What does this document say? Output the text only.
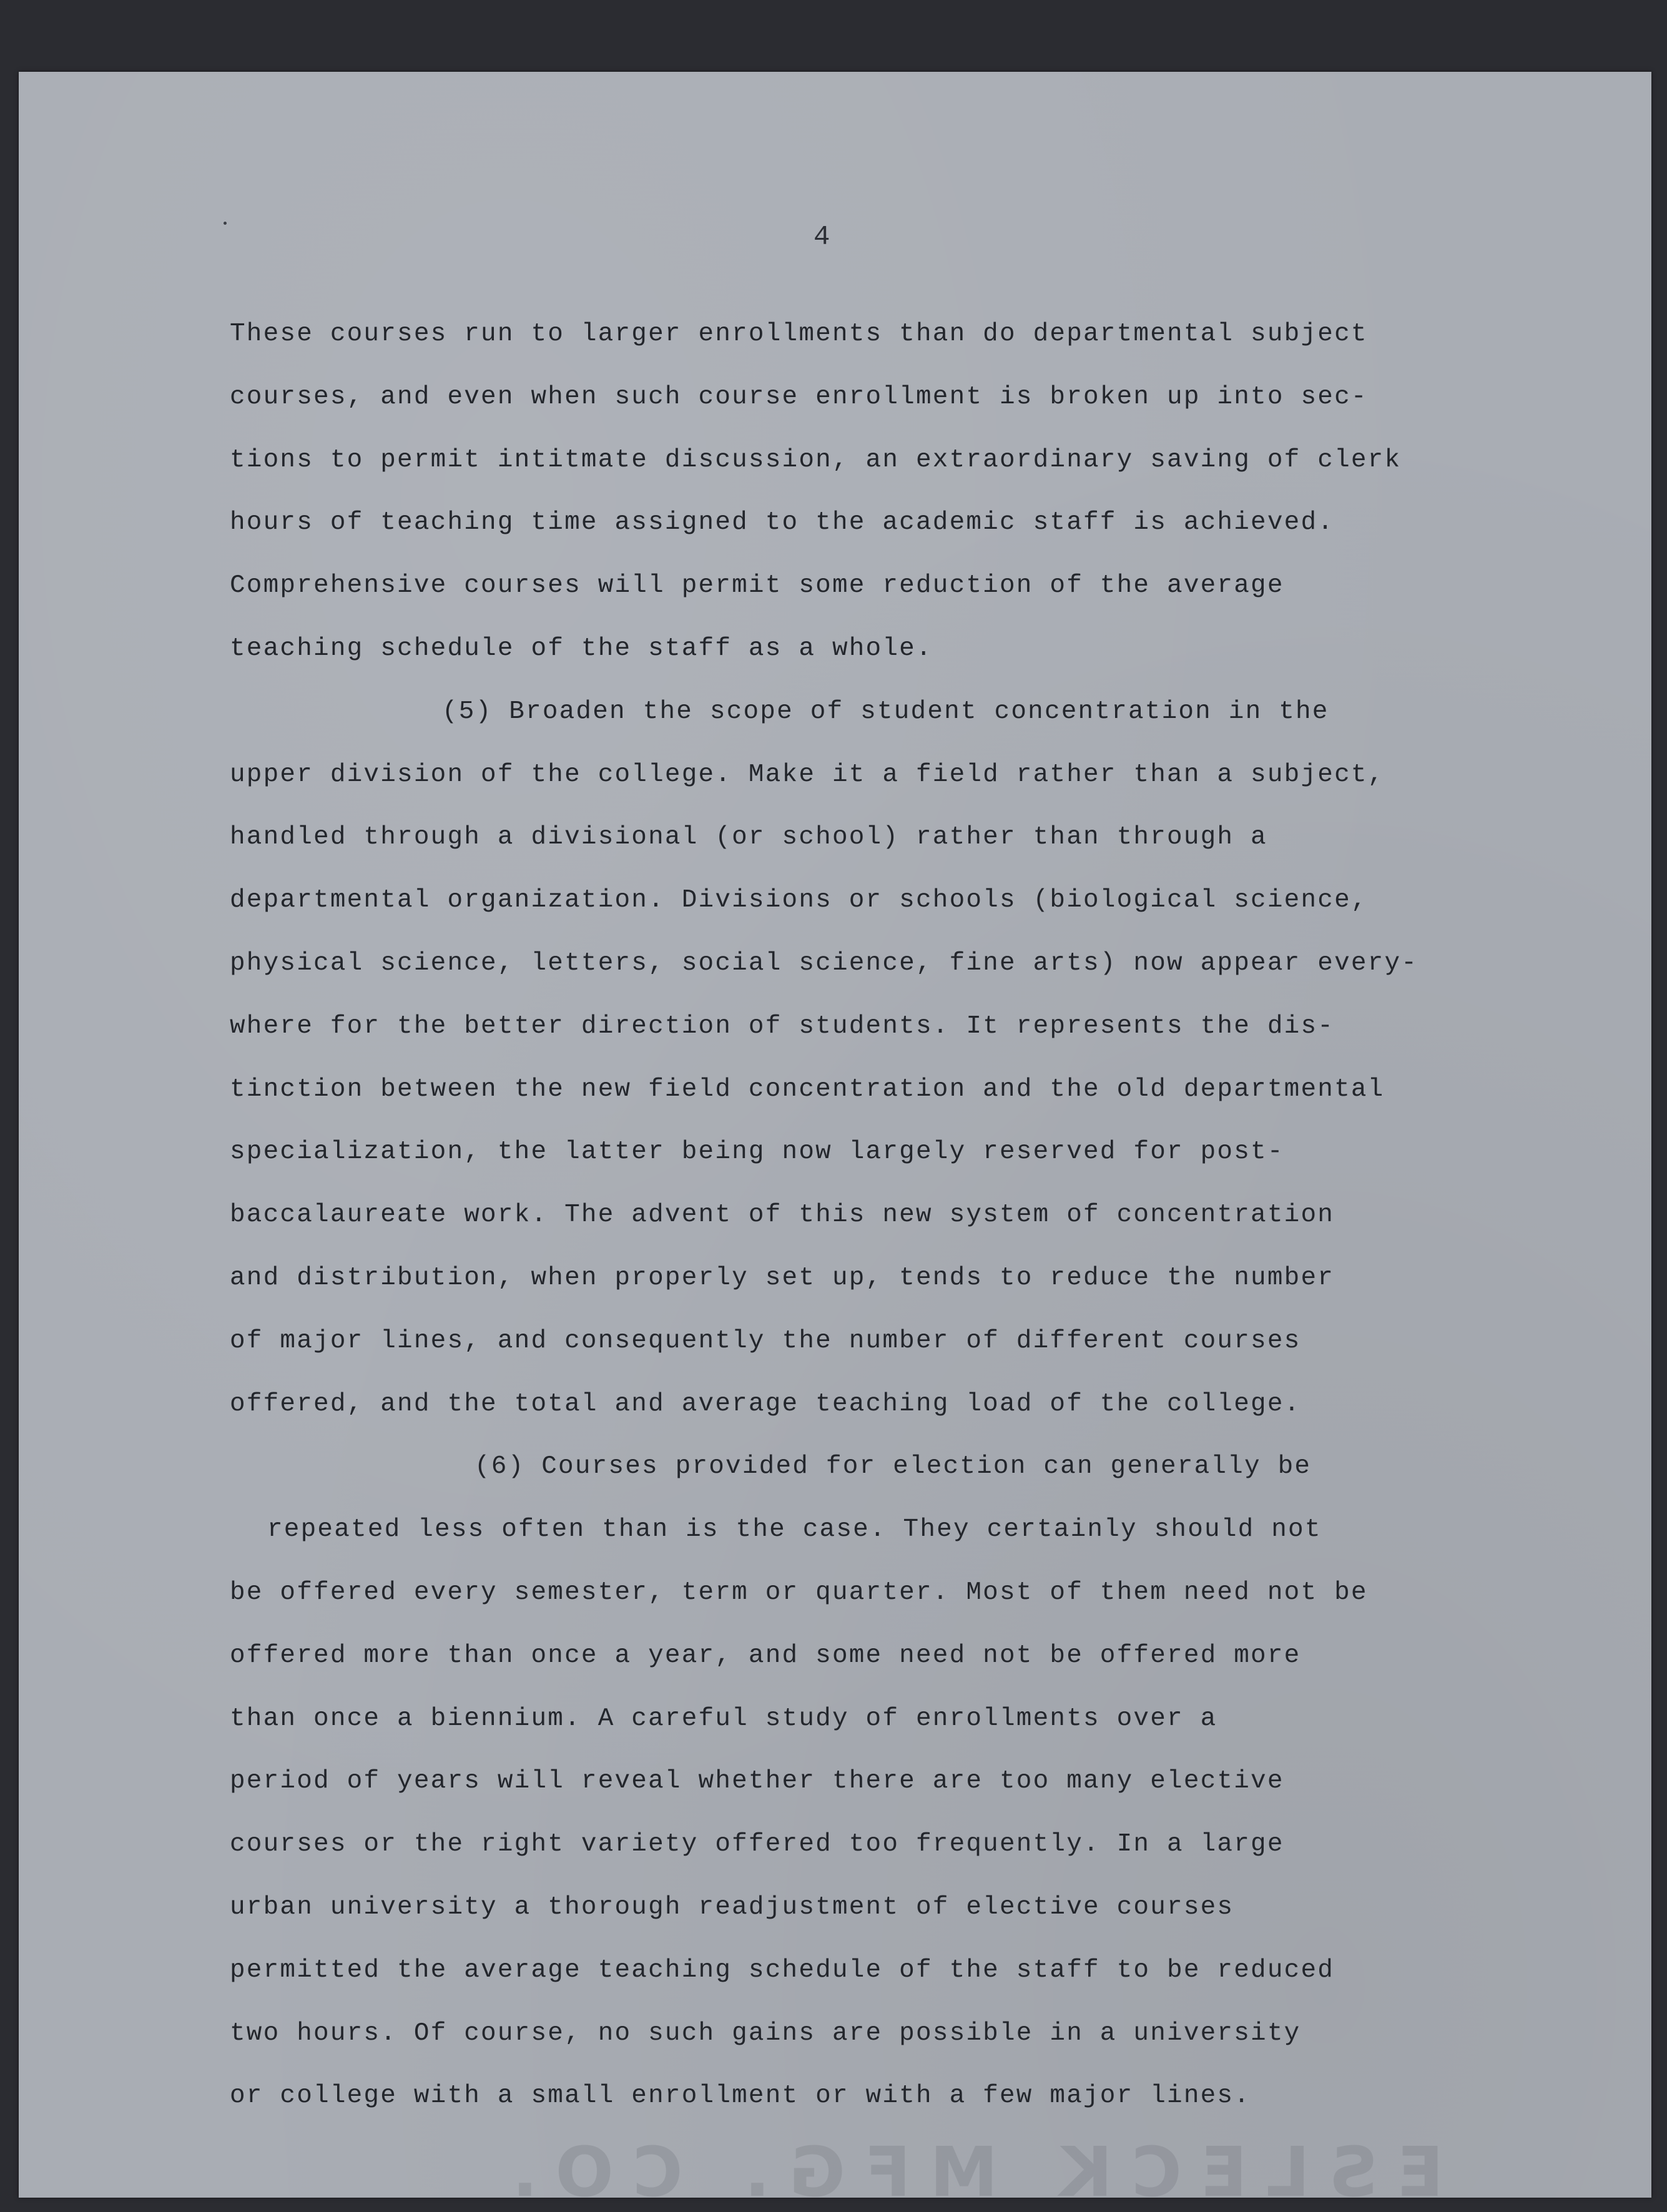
4
These courses run to larger enrollments than do departmental subject
courses, and even when such course enrollment is broken up into sec-
tions to permit intitmate discussion, an extraordinary saving of clerk
hours of teaching time assigned to the academic staff is achieved.
Comprehensive courses will permit some reduction of the average
teaching schedule of the staff as a whole.
(5) Broaden the scope of student concentration in the
upper division of the college. Make it a field rather than a subject,
handled through a divisional (or school) rather than through a
departmental organization. Divisions or schools (biological science,
physical science, letters, social science, fine arts) now appear every-
where for the better direction of students. It represents the dis-
tinction between the new field concentration and the old departmental
specialization, the latter being now largely reserved for post-
baccalaureate work. The advent of this new system of concentration
and distribution, when properly set up, tends to reduce the number
of major lines, and consequently the number of different courses
offered, and the total and average teaching load of the college.
(6) Courses provided for election can generally be
repeated less often than is the case. They certainly should not
be offered every semester, term or quarter. Most of them need not be
offered more than once a year, and some need not be offered more
than once a biennium. A careful study of enrollments over a
period of years will reveal whether there are too many elective
courses or the right variety offered too frequently. In a large
urban university a thorough readjustment of elective courses
permitted the average teaching schedule of the staff to be reduced
two hours. Of course, no such gains are possible in a university
or college with a small enrollment or with a few major lines.
ESLECK MFG. CO.
